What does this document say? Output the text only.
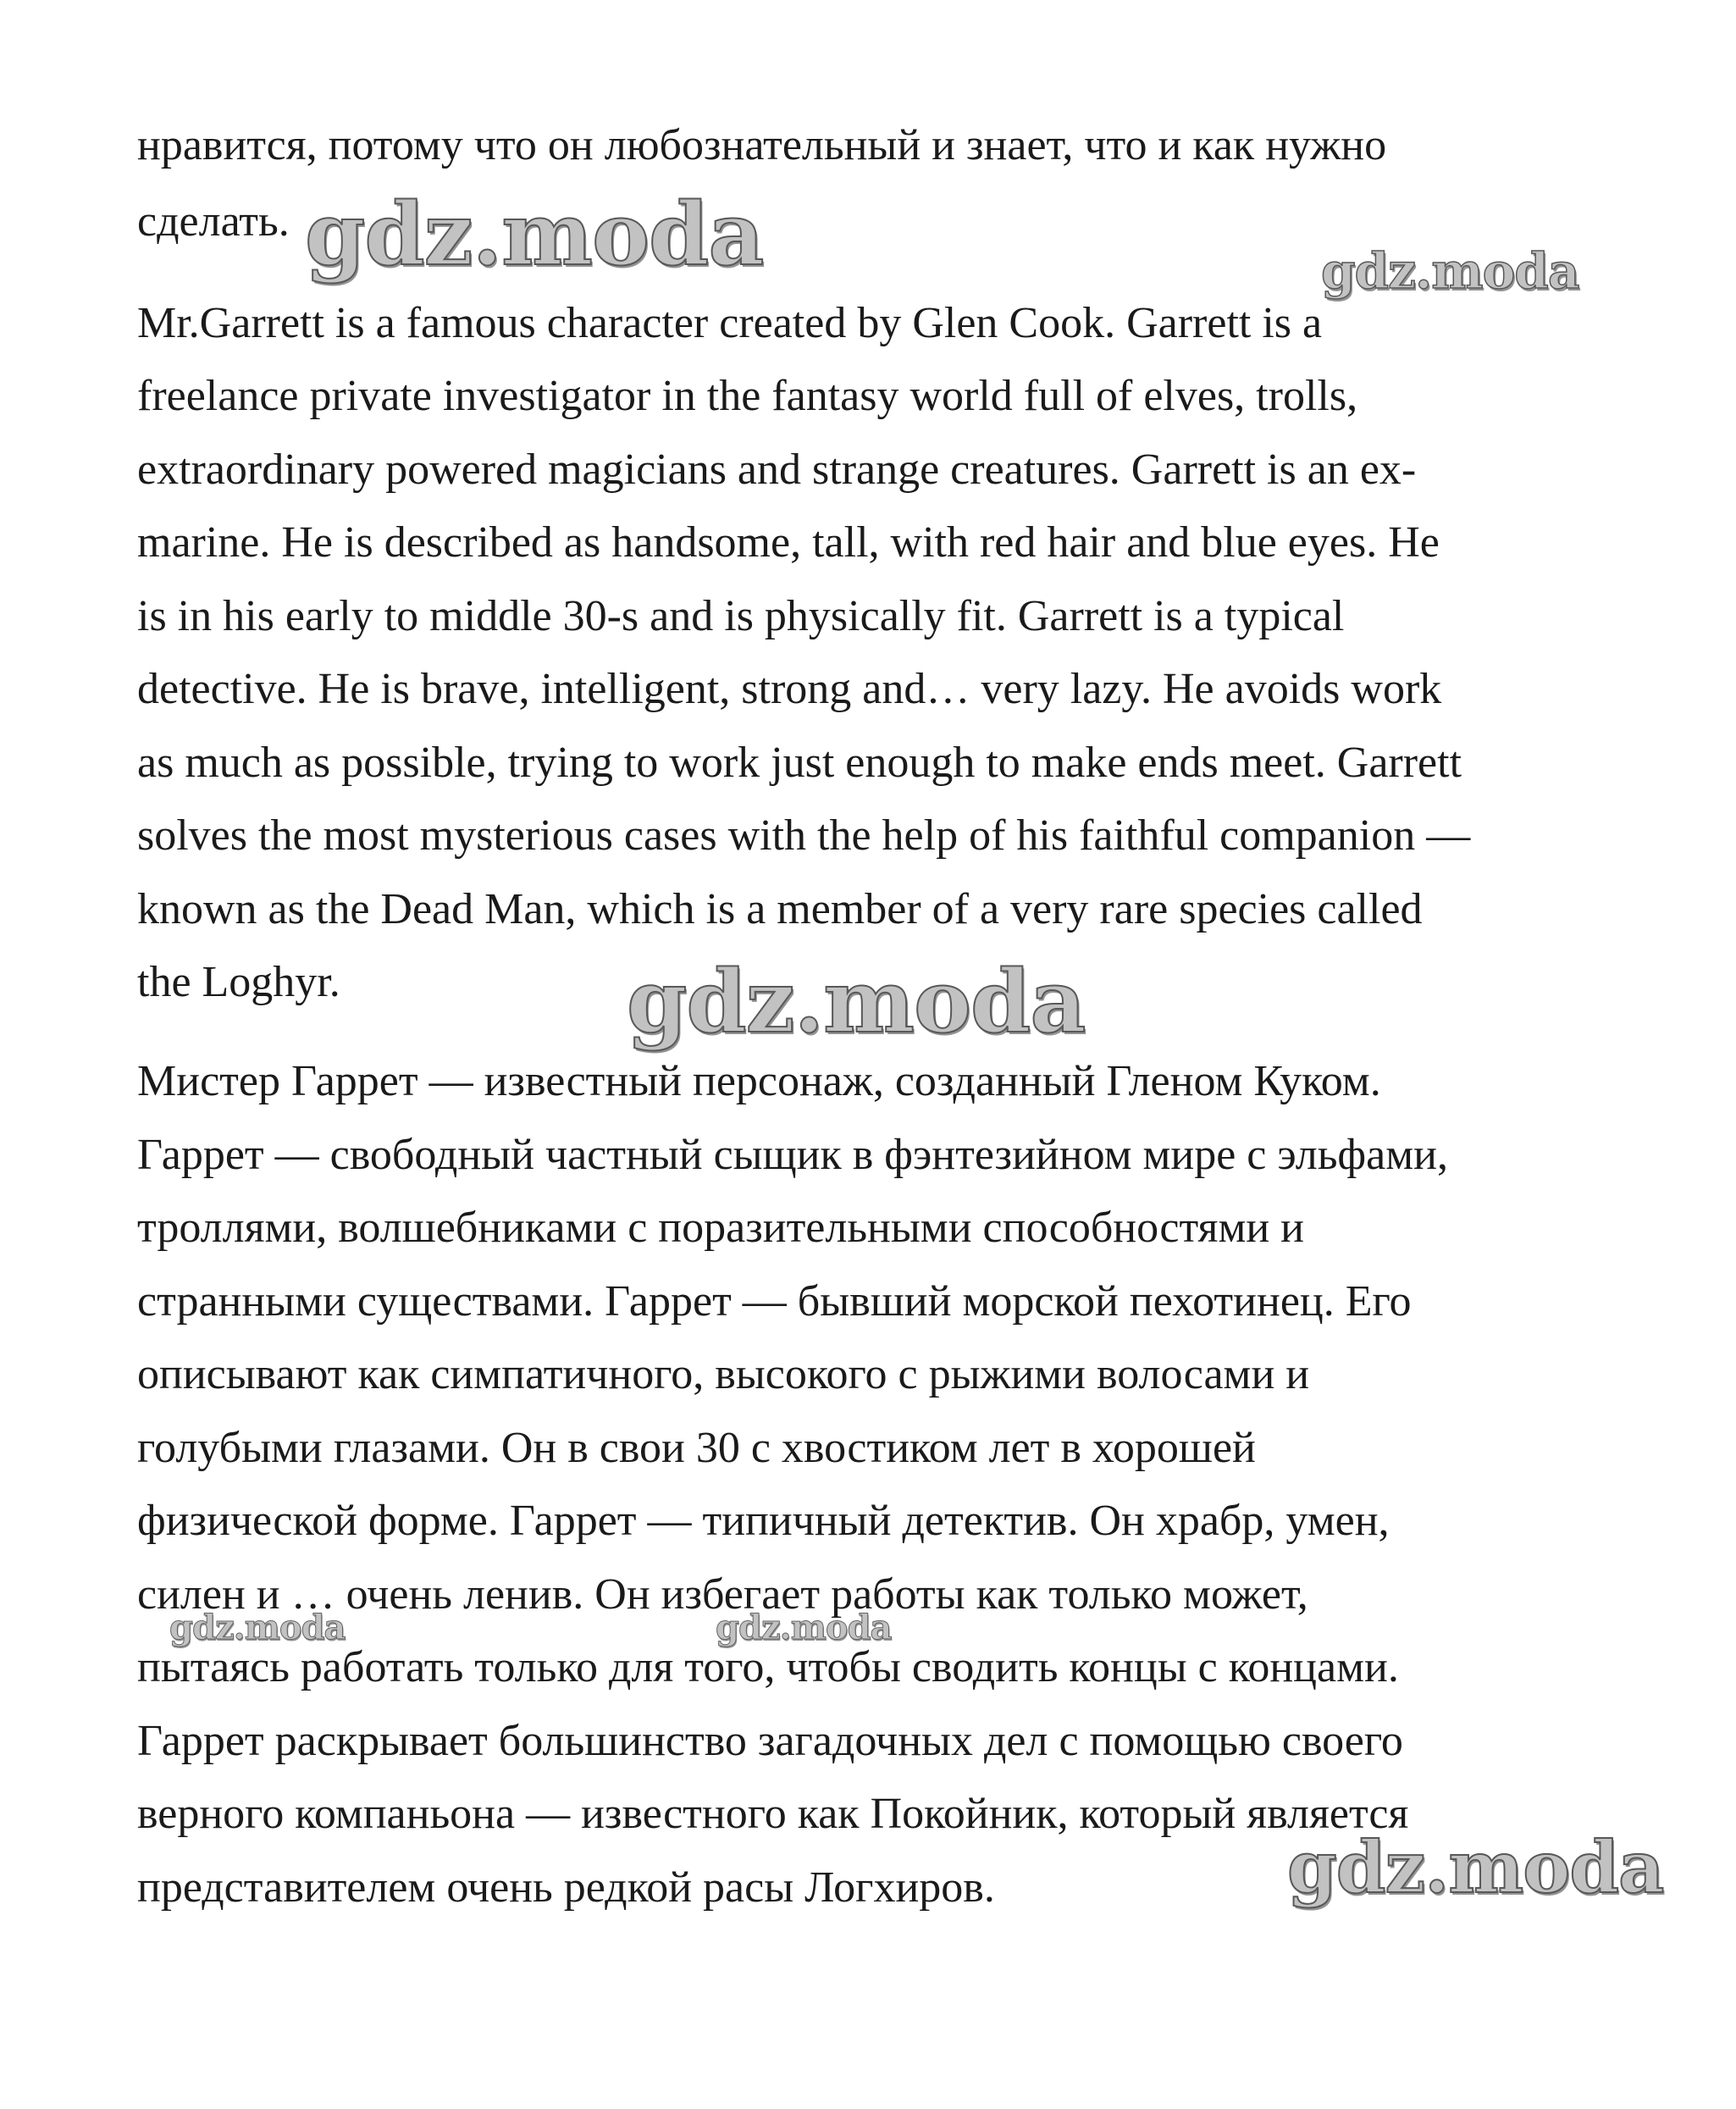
нравится, потому что он любознательный и знает, что и как нужно
сделать.
Mr.Garrett is a famous character created by Glen Cook. Garrett is a
freelance private investigator in the fantasy world full of elves, trolls,
extraordinary powered magicians and strange creatures. Garrett is an ex-
marine. He is described as handsome, tall, with red hair and blue eyes. He
is in his early to middle 30-s and is physically fit. Garrett is a typical
detective. He is brave, intelligent, strong and… very lazy. He avoids work
as much as possible, trying to work just enough to make ends meet. Garrett
solves the most mysterious cases with the help of his faithful companion —
known as the Dead Man, which is a member of a very rare species called
the Loghyr.
Мистер Гаррет — известный персонаж, созданный Гленом Куком.
Гаррет — свободный частный сыщик в фэнтезийном мире с эльфами,
троллями, волшебниками с поразительными способностями и
странными существами. Гаррет — бывший морской пехотинец. Его
описывают как симпатичного, высокого с рыжими волосами и
голубыми глазами. Он в свои 30 с хвостиком лет в хорошей
физической форме. Гаррет — типичный детектив. Он храбр, умен,
силен и … очень ленив. Он избегает работы как только может,
пытаясь работать только для того, чтобы сводить концы с концами.
Гаррет раскрывает большинство загадочных дел с помощью своего
верного компаньона — известного как Покойник, который является
представителем очень редкой расы Логхиров.
gdz.moda	gdz.moda
gdz.moda
gdz.moda	gdz.moda
gdz.moda
